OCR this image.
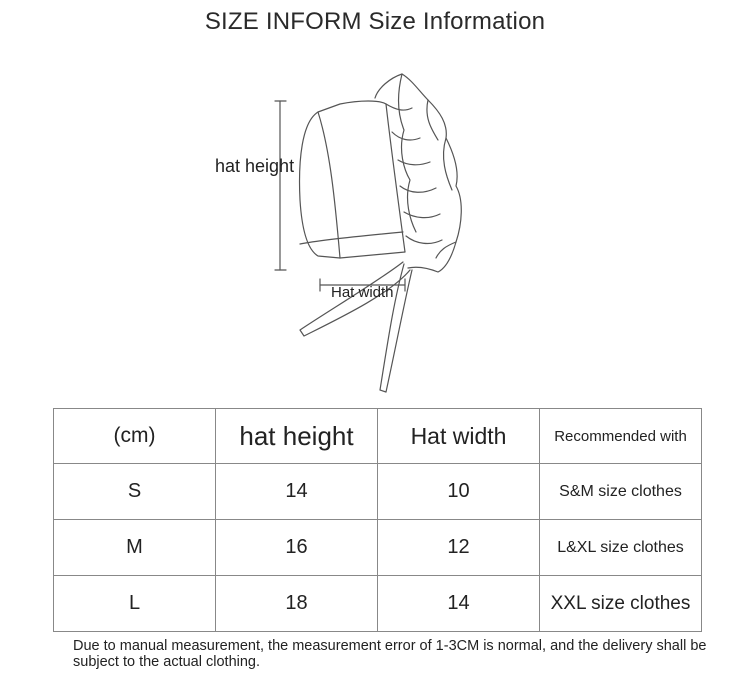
SIZE INFORM Size Information
hat height
Hat width
(cm)	hat height	Hat width	Recommended with
S	14	10	S&M size clothes
M	16	12	L&XL size clothes
L	18	14	XXL size clothes
Due to manual measurement, the measurement error of 1-3CM is normal, and the delivery shall be subject to the actual clothing.
